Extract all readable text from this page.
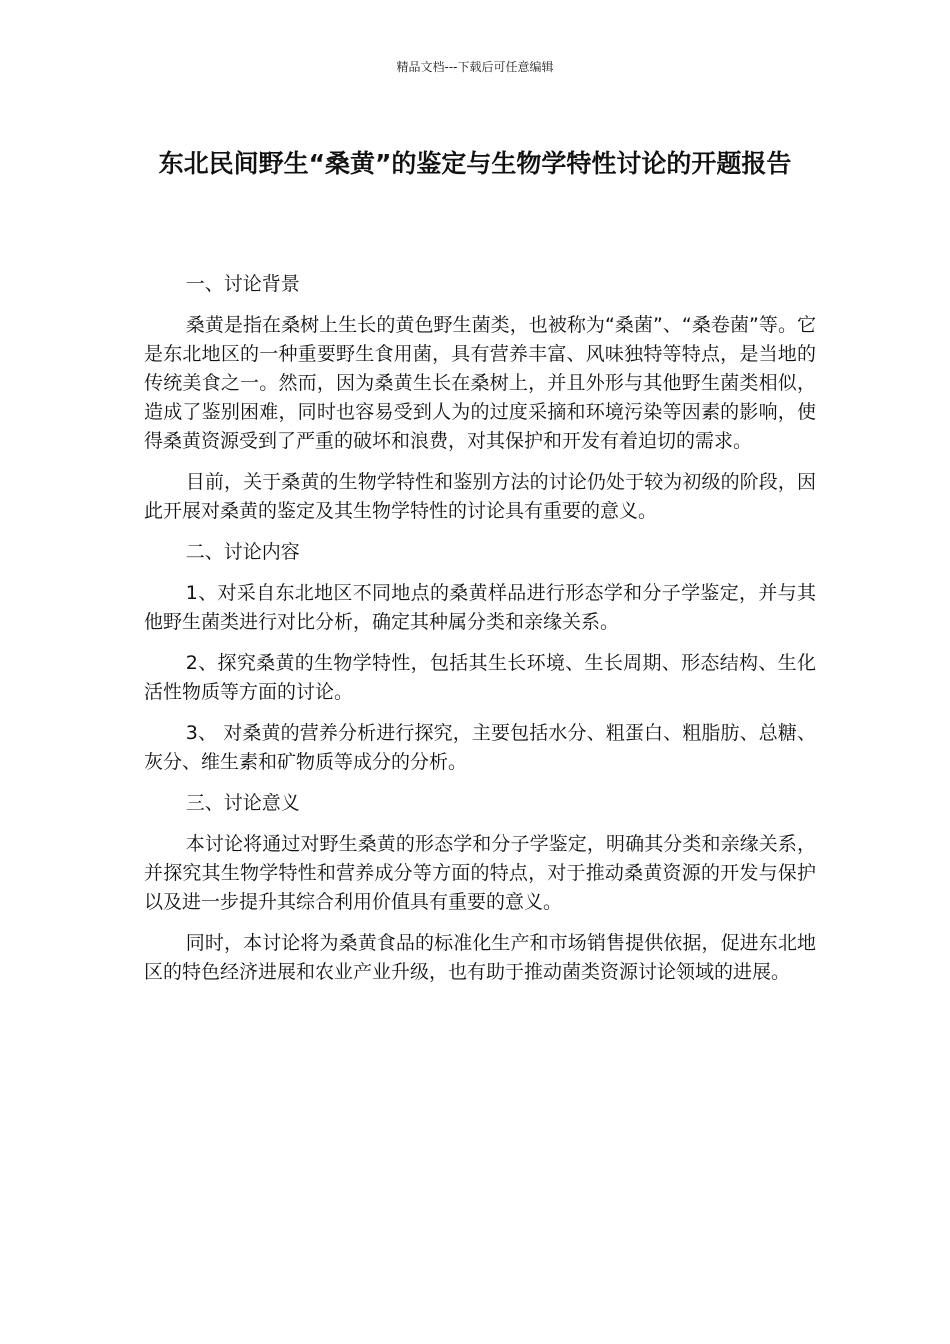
精品文档---下载后可任意编辑
东北民间野生“桑黄”的鉴定与生物学特性讨论的开题报告

一、讨论背景

桑黄是指在桑树上生长的黄色野生菌类，也被称为“桑菌”、“桑卷菌”等。它是东北地区的一种重要野生食用菌，具有营养丰富、风味独特等特点，是当地的传统美食之一。然而，因为桑黄生长在桑树上，并且外形与其他野生菌类相似，造成了鉴别困难，同时也容易受到人为的过度采摘和环境污染等因素的影响，使得桑黄资源受到了严重的破坏和浪费，对其保护和开发有着迫切的需求。

目前，关于桑黄的生物学特性和鉴别方法的讨论仍处于较为初级的阶段，因此开展对桑黄的鉴定及其生物学特性的讨论具有重要的意义。

二、讨论内容

1、对采自东北地区不同地点的桑黄样品进行形态学和分子学鉴定，并与其他野生菌类进行对比分析，确定其种属分类和亲缘关系。

2、探究桑黄的生物学特性，包括其生长环境、生长周期、形态结构、生化活性物质等方面的讨论。

3、 对桑黄的营养分析进行探究，主要包括水分、粗蛋白、粗脂肪、总糖、灰分、维生素和矿物质等成分的分析。

三、讨论意义

本讨论将通过对野生桑黄的形态学和分子学鉴定，明确其分类和亲缘关系，并探究其生物学特性和营养成分等方面的特点，对于推动桑黄资源的开发与保护以及进一步提升其综合利用价值具有重要的意义。

同时，本讨论将为桑黄食品的标准化生产和市场销售提供依据，促进东北地区的特色经济进展和农业产业升级，也有助于推动菌类资源讨论领域的进展。
